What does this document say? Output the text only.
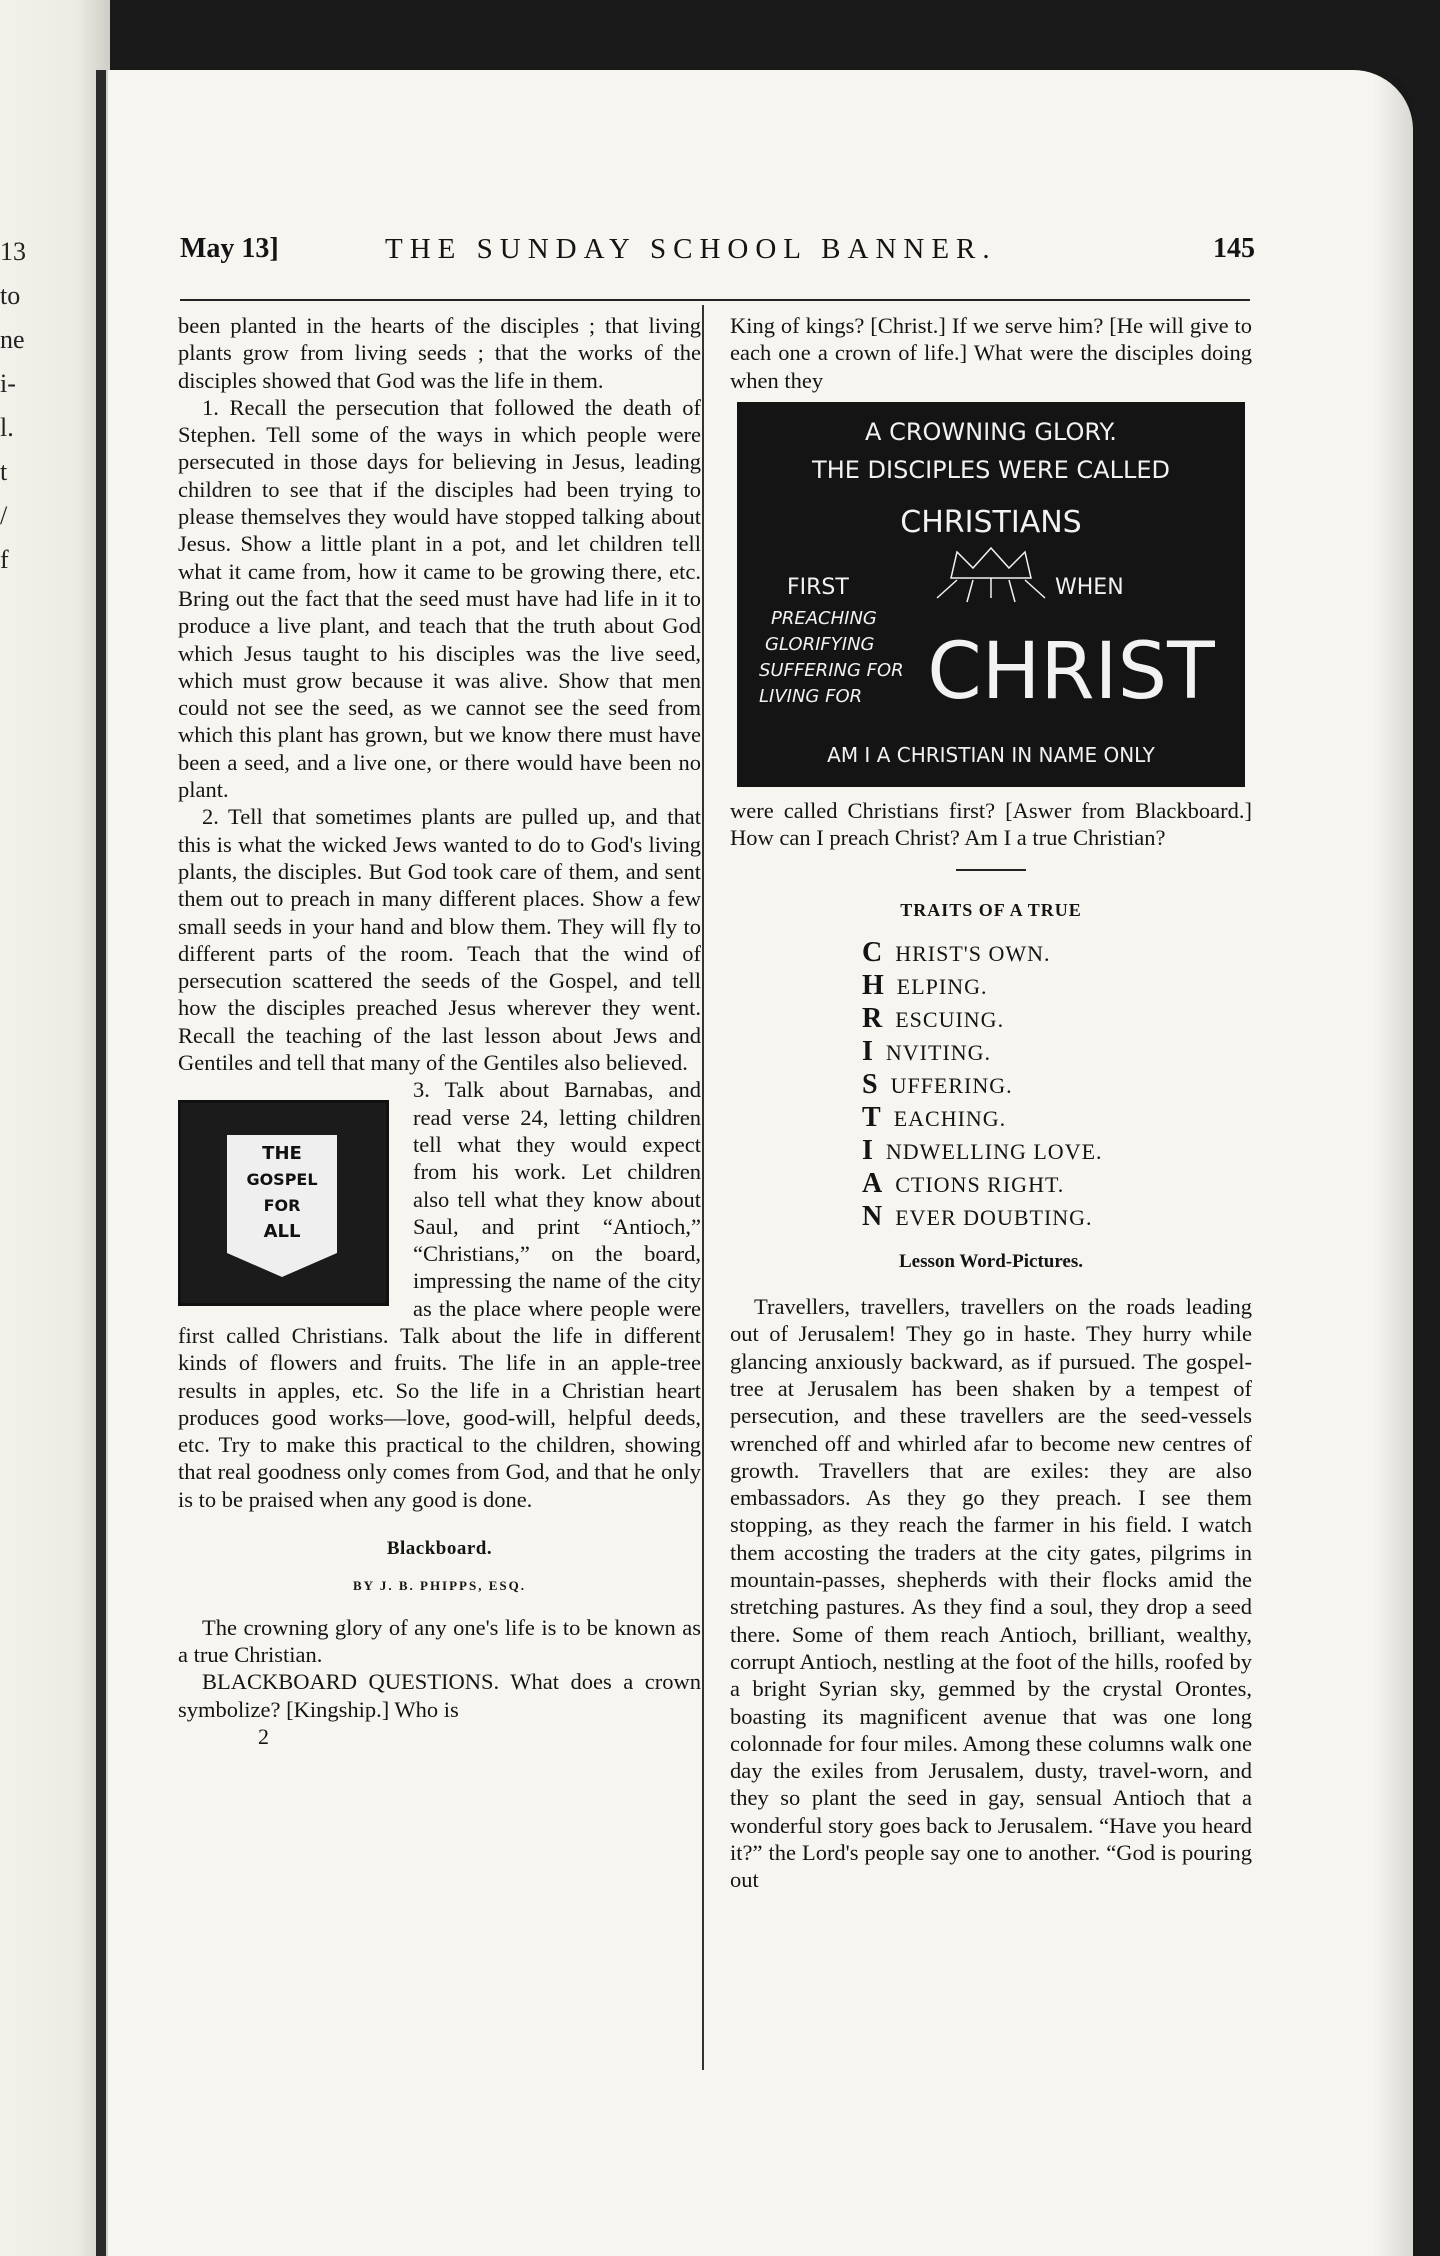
13
to
ne
i-
l.
t
/
f
May 13]	THE SUNDAY SCHOOL BANNER.	145

been planted in the hearts of the disciples ; that living plants grow from living seeds ; that the works of the disciples showed that God was the life in them.

1. Recall the persecution that followed the death of Stephen. Tell some of the ways in which people were persecuted in those days for believing in Jesus, leading children to see that if the disciples had been trying to please themselves they would have stopped talking about Jesus. Show a little plant in a pot, and let children tell what it came from, how it came to be growing there, etc. Bring out the fact that the seed must have had life in it to produce a live plant, and teach that the truth about God which Jesus taught to his disciples was the live seed, which must grow because it was alive. Show that men could not see the seed, as we cannot see the seed from which this plant has grown, but we know there must have been a seed, and a live one, or there would have been no plant.

2. Tell that sometimes plants are pulled up, and that this is what the wicked Jews wanted to do to God's living plants, the disciples. But God took care of them, and sent them out to preach in many different places. Show a few small seeds in your hand and blow them. They will fly to different parts of the room. Teach that the wind of persecution scattered the seeds of the Gospel, and tell how the disciples preached Jesus wherever they went. Recall the teaching of the last lesson about Jews and Gentiles and tell that many of the Gentiles also believed.

THE
GOSPEL
FOR
ALL

3. Talk about Barnabas, and read verse 24, letting children tell what they would expect from his work. Let children also tell what they know about Saul, and print “Antioch,” “Christians,” on the board, impressing the name of the city as the place where people were first called Christians. Talk about the life in different kinds of flowers and fruits. The life in an apple-tree results in apples, etc. So the life in a Christian heart produces good works—love, good-will, helpful deeds, etc. Try to make this practical to the children, showing that real goodness only comes from God, and that he only is to be praised when any good is done.

Blackboard.

BY J. B. PHIPPS, ESQ.

The crowning glory of any one's life is to be known as a true Christian.

BLACKBOARD QUESTIONS. What does a crown symbolize? [Kingship.] Who is

2

King of kings? [Christ.] If we serve him? [He will give to each one a crown of life.] What were the disciples doing when they

A CROWNING GLORY.
THE DISCIPLES WERE CALLED
CHRISTIANS
FIRST	WHEN
PREACHING
GLORIFYING
SUFFERING FOR
LIVING FOR CHRIST
AM I A CHRISTIAN IN NAME ONLY

were called Christians first? [Aswer from Blackboard.] How can I preach Christ? Am I a true Christian?

TRAITS OF A TRUE

C HRIST'S OWN.

H ELPING.

R ESCUING.

I NVITING.

S UFFERING.

T EACHING.

I NDWELLING LOVE.

A CTIONS RIGHT.

N EVER DOUBTING.

Lesson Word-Pictures.

Travellers, travellers, travellers on the roads leading out of Jerusalem! They go in haste. They hurry while glancing anxiously backward, as if pursued. The gospel-tree at Jerusalem has been shaken by a tempest of persecution, and these travellers are the seed-vessels wrenched off and whirled afar to become new centres of growth. Travellers that are exiles: they are also embassadors. As they go they preach. I see them stopping, as they reach the farmer in his field. I watch them accosting the traders at the city gates, pilgrims in mountain-passes, shepherds with their flocks amid the stretching pastures. As they find a soul, they drop a seed there. Some of them reach Antioch, brilliant, wealthy, corrupt Antioch, nestling at the foot of the hills, roofed by a bright Syrian sky, gemmed by the crystal Orontes, boasting its magnificent avenue that was one long colonnade for four miles. Among these columns walk one day the exiles from Jerusalem, dusty, travel-worn, and they so plant the seed in gay, sensual Antioch that a wonderful story goes back to Jerusalem. “Have you heard it?” the Lord's people say one to another. “God is pouring out
